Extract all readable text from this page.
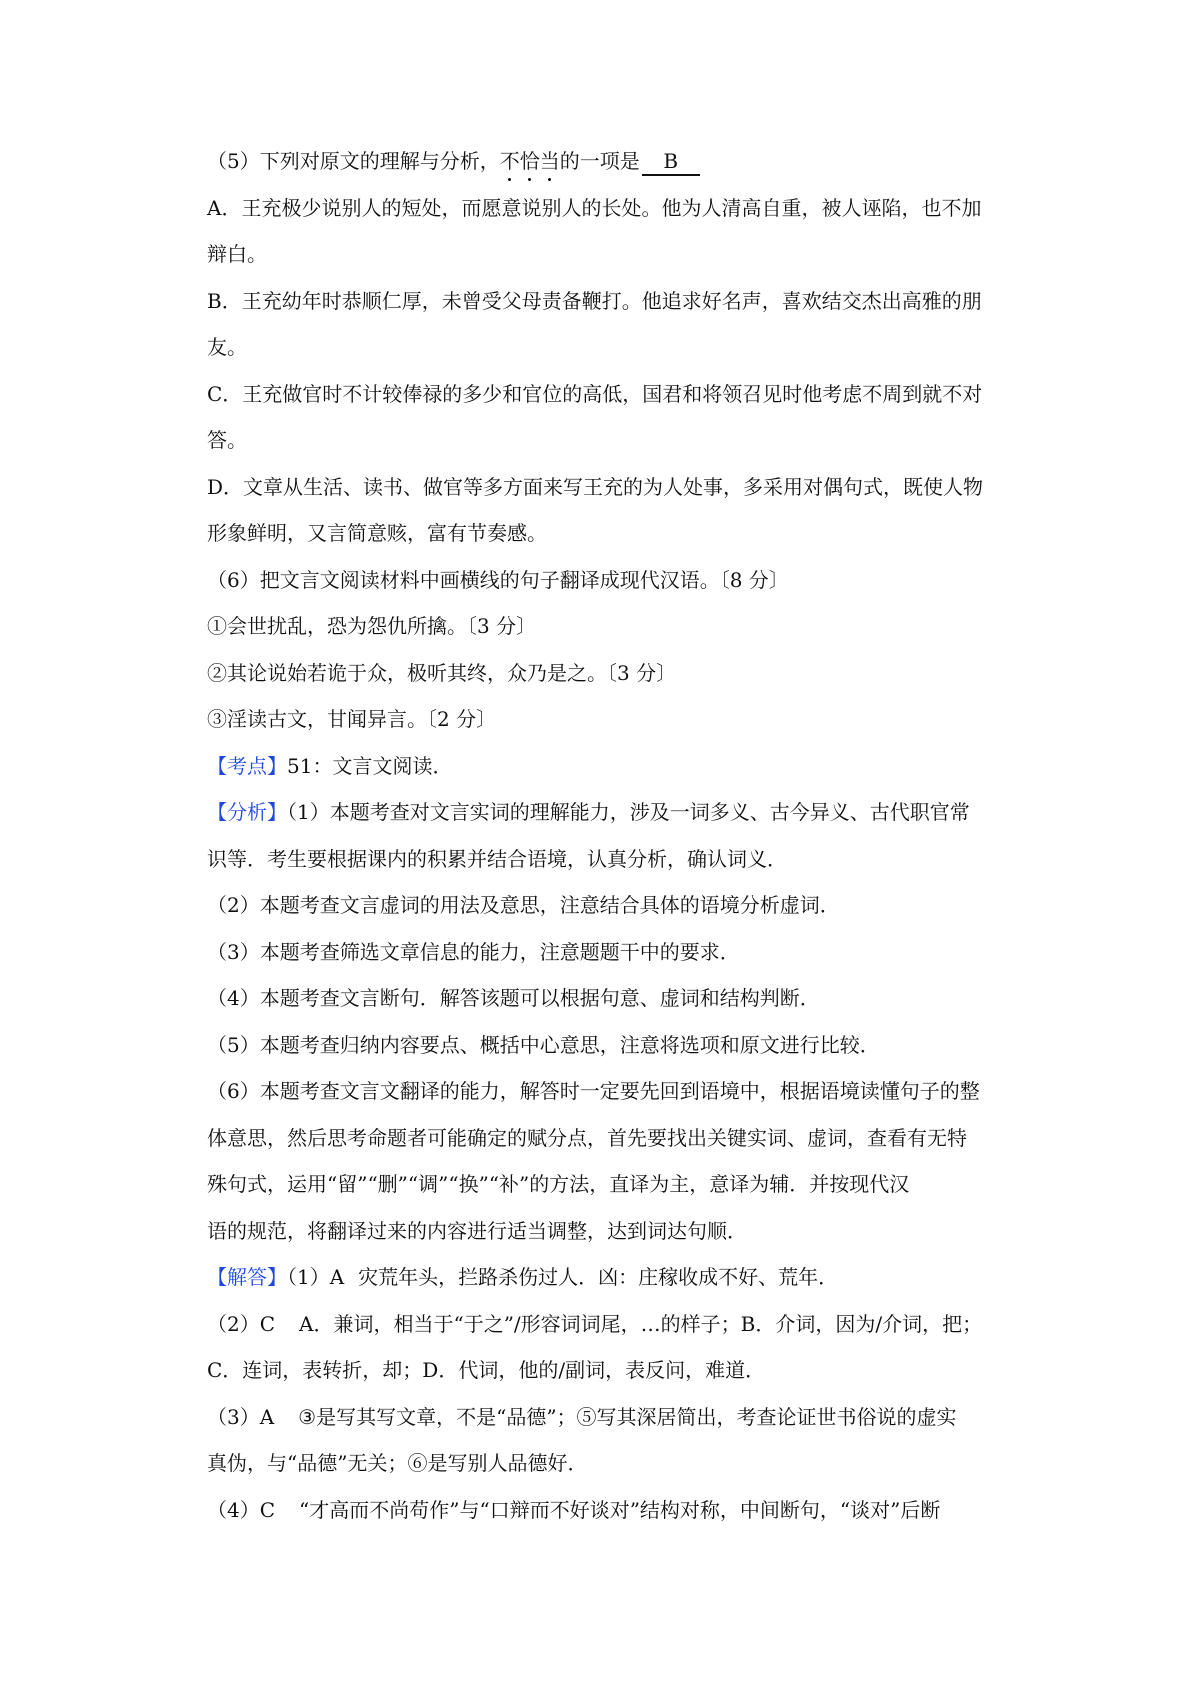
（5）下列对原文的理解与分析，不恰当的一项是 B
A．王充极少说别人的短处，而愿意说别人的长处。他为人清高自重，被人诬陷，也不加
辩白。
B．王充幼年时恭顺仁厚，未曾受父母责备鞭打。他追求好名声，喜欢结交杰出高雅的朋
友。
C．王充做官时不计较俸禄的多少和官位的高低，国君和将领召见时他考虑不周到就不对
答。
D．文章从生活、读书、做官等多方面来写王充的为人处事，多采用对偶句式，既使人物
形象鲜明，又言简意赅，富有节奏感。
（6）把文言文阅读材料中画横线的句子翻译成现代汉语。〔8 分〕
①会世扰乱，恐为怨仇所擒。〔3 分〕
②其论说始若诡于众，极听其终，众乃是之。〔3 分〕
③淫读古文，甘闻异言。〔2 分〕
【考点】51：文言文阅读．
【分析】（1）本题考查对文言实词的理解能力，涉及一词多义、古今异义、古代职官常
识等．考生要根据课内的积累并结合语境，认真分析，确认词义．
（2）本题考查文言虚词的用法及意思，注意结合具体的语境分析虚词．
（3）本题考查筛选文章信息的能力，注意题题干中的要求．
（4）本题考查文言断句．解答该题可以根据句意、虚词和结构判断．
（5）本题考查归纳内容要点、概括中心意思，注意将选项和原文进行比较．
（6）本题考查文言文翻译的能力，解答时一定要先回到语境中，根据语境读懂句子的整
体意思，然后思考命题者可能确定的赋分点，首先要找出关键实词、虚词，查看有无特
殊句式，运用“留”“删”“调”“换”“补”的方法，直译为主，意译为辅．并按现代汉
语的规范，将翻译过来的内容进行适当调整，达到词达句顺．
【解答】（1）A 灾荒年头，拦路杀伤过人．凶：庄稼收成不好、荒年．
（2）C A．兼词，相当于“于之”/形容词词尾，…的样子；B．介词，因为/介词，把；
C．连词，表转折，却；D．代词，他的/副词，表反问，难道．
（3）A ③是写其写文章，不是“品德”；⑤写其深居简出，考查论证世书俗说的虚实
真伪，与“品德”无关；⑥是写别人品德好．
（4）C “才高而不尚苟作”与“口辩而不好谈对”结构对称，中间断句，“谈对”后断
